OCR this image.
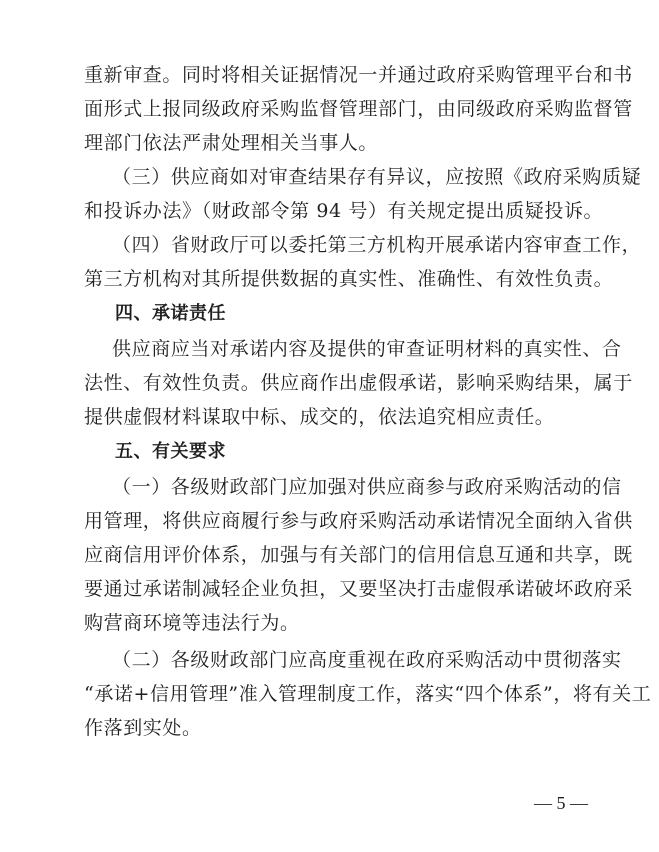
重新审查。同时将相关证据情况一并通过政府采购管理平台和书
面形式上报同级政府采购监督管理部门，由同级政府采购监督管
理部门依法严肃处理相关当事人。
（三）供应商如对审查结果存有异议，应按照《政府采购质疑
和投诉办法》（财政部令第 94 号）有关规定提出质疑投诉。
（四）省财政厅可以委托第三方机构开展承诺内容审查工作，
第三方机构对其所提供数据的真实性、准确性、有效性负责。
四、承诺责任
供应商应当对承诺内容及提供的审查证明材料的真实性、合
法性、有效性负责。供应商作出虚假承诺，影响采购结果，属于
提供虚假材料谋取中标、成交的，依法追究相应责任。
五、有关要求
（一）各级财政部门应加强对供应商参与政府采购活动的信
用管理，将供应商履行参与政府采购活动承诺情况全面纳入省供
应商信用评价体系，加强与有关部门的信用信息互通和共享，既
要通过承诺制减轻企业负担，又要坚决打击虚假承诺破坏政府采
购营商环境等违法行为。
（二）各级财政部门应高度重视在政府采购活动中贯彻落实
“承诺+信用管理”准入管理制度工作，落实“四个体系”，将有关工
作落到实处。
— 5 —
